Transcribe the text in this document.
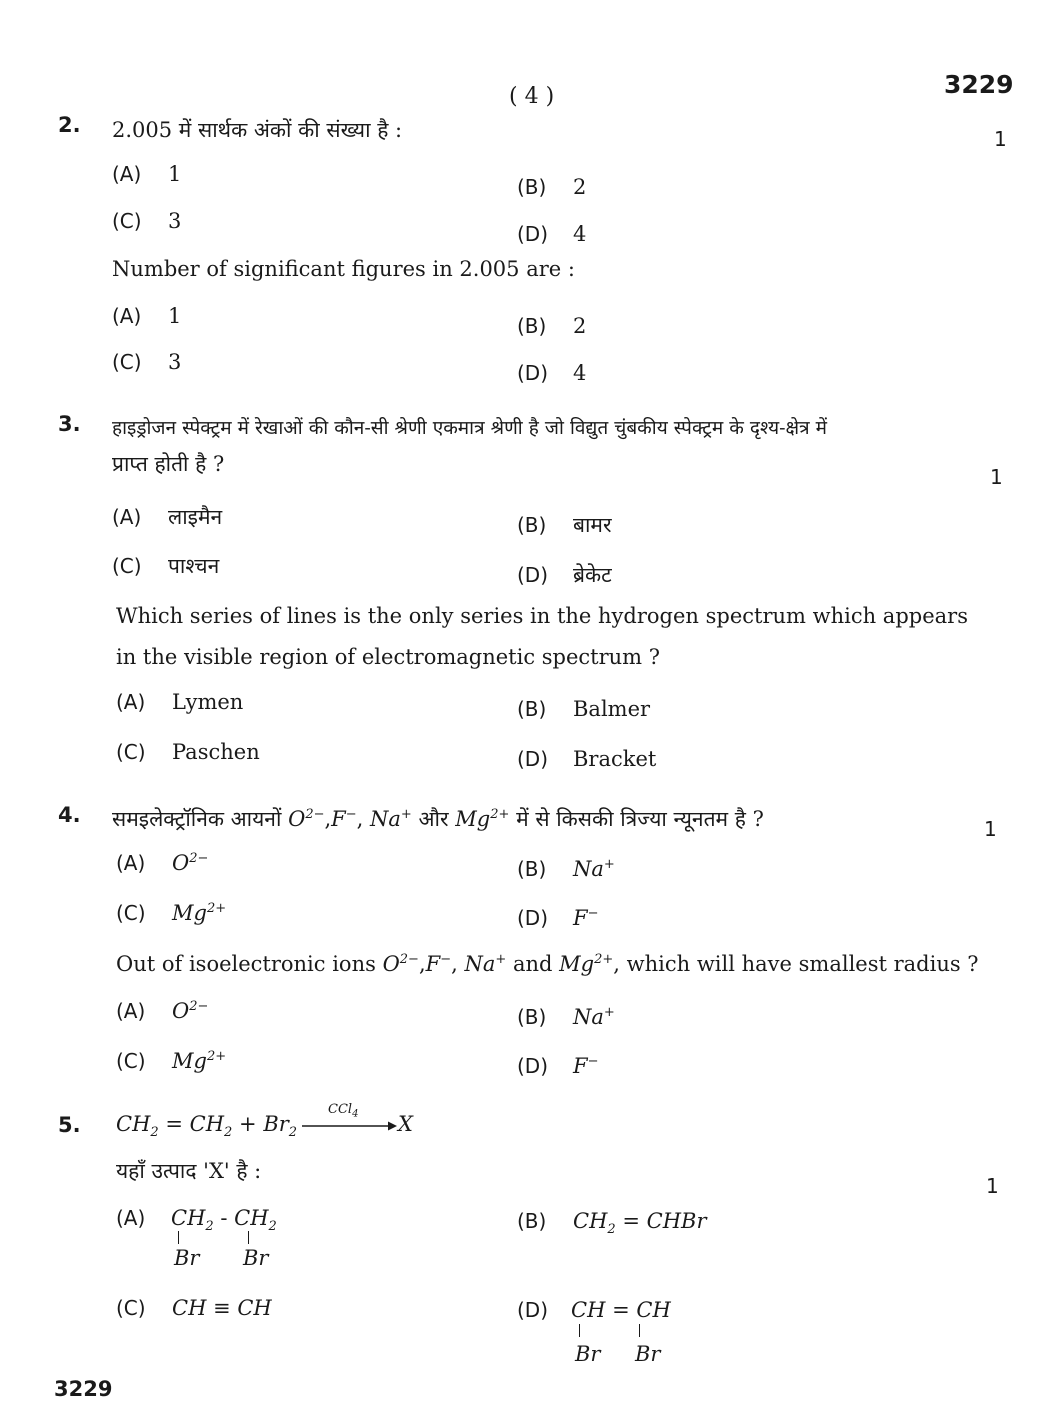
( 4 )	3229
2. 2.005 में सार्थक अंकों की संख्या है :	1
(A) 1
(B) 2
(C) 3
(D) 4
Number of significant figures in 2.005 are :
(A) 1	(B) 2
(C) 3	(D) 4
3. हाइड्रोजन स्पेक्ट्रम में रेखाओं की कौन-सी श्रेणी एकमात्र श्रेणी है जो विद्युत चुंबकीय स्पेक्ट्रम के दृश्य-क्षेत्र में
प्राप्त होती है ?
1
(A) लाइमैन	(B) बामर
(C) पाश्चन	(D) ब्रेकेट
Which series of lines is the only series in the hydrogen spectrum which appears
in the visible region of electromagnetic spectrum ?
(A) Lymen	(B) Balmer
(C) Paschen	(D) Bracket
4. समइलेक्ट्रॉनिक आयनों $O^{2-},F^-$, Na+ और $Mg^{2+}$ में से किसकी त्रिज्या न्यूनतम है ?	1
(A) $O^{2-}$	(B) Na+
(C) $Mg^{2+}$	(D) F−
Out of isoelectronic ions $O^{2-},F^-$, Na+ and $Mg^{2+}$, which will have smallest radius ?
(A) $O^{2-}$	(B) Na+
(C) $Mg^{2+}$	(D) F−
5. $CH_2 = CH_2 + Br_2$
CCl$_4$ X
यहाँ उत्पाद 'X' है :
1
(A)	$CH_2 - CH_2$
Br Br
(B) $CH_2$ = CHBr
(C) CH ≡ CH	(D)	CH = CH
Br Br
3229
